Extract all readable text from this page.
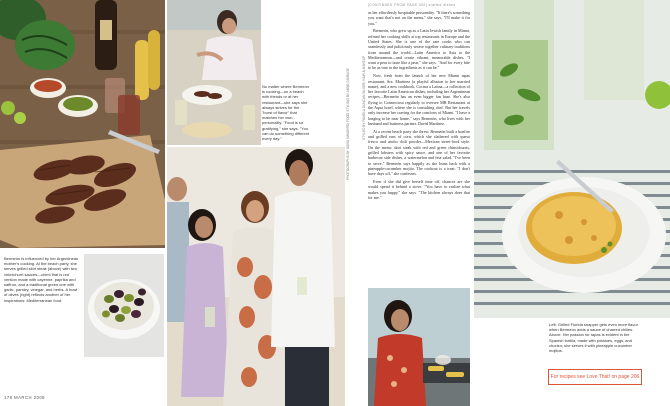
No matter where Bermeón is cooking—on a beach with friends or at her restaurant—she says she always strives for the "burst of flavor" that matches her own personality. "Food is so gratifying," she says. "You can do something different every day."
Bermeón is influenced by her Argentinean mother's cooking. At the beach party, she serves grilled skirt steak (above) with two chimichurri sauces—chimi that is red version made with cayenne, paprika and saffron, and a traditional green one with garlic, parsley, vinegar, and herbs. A bowl of olives (right) reflects another of her inspirations: Mediterranean food.
178 MARCH 2008
PHOTOGRAPHS BY DAVID NAVARRO; FOOD STYLING BY ANNE DISRUDE
[CONTINUED FROM PAGE 000] crafted dishes

as her effortlessly hospitable personality. "If there's something you want that's not on the menu," she says, "I'll make it for you."

Bermeón, who grew up as a Latin Jewish family in Miami, refined her cooking skills at top restaurants in Europe and the United States. She is one of the rare cooks who can seamlessly and judiciously weave together culinary traditions from around the world—Latin America to Asia to the Mediterranean—and create vibrant, memorable dishes. "I want a pear to taste like a pear," she says. "And for every bite to be as true to the ingredients as it can be."

Now, fresh from the launch of her new Miami tapas restaurant, Sra. Martinez (a playful allusion to her married name), and a new cookbook, Cocina a Latina—a collection of her favorite Latin American dishes, including her Argentinean recipes—Bermeón has an even bigger fan base. She's also flying to Connecticut regularly to oversee MB Restaurant at the Aqua hotel, where she is consulting chef. But her travels only increase her craving for the comforts of Miami. "I have a longing to be near home," says Bermeón, who lives with her husband and business partner, David Martinez.

At a recent beach party she threw, Bermeón built a bonfire and grilled ears of corn, which she slathered with queso fresco and ancho chili powder—Mexican street-food style. On the menu: skirt steak with red and green chimichurris, grilled lobsters with spicy sauce, and one of her favorite barbecue side dishes, a watermelon and feta salad. "I've been to serve," Bermeón says happily as she leans back with a pineapple-cucumber mojito. The cookout is a treat: "I don't have days off," she confesses.

Even if she did give herself time off, chances are she would spend it behind a stove. "You have to realize what makes you happy," she says. "The kitchen always does that for me."

STYLED BY PAMELA DUNCAN SILVER; HAIR & MAKEUP
Left: Grilled Florida snapper gets even more flavor when Bermeón adds a sauce of charred chilies. Above: Her passion for tapas is evident in the Spanish tortilla, made with potatoes, eggs, and chorizo; she serves it with pineapple cucumber mojitos.
For recipes see Love That! on page 206
